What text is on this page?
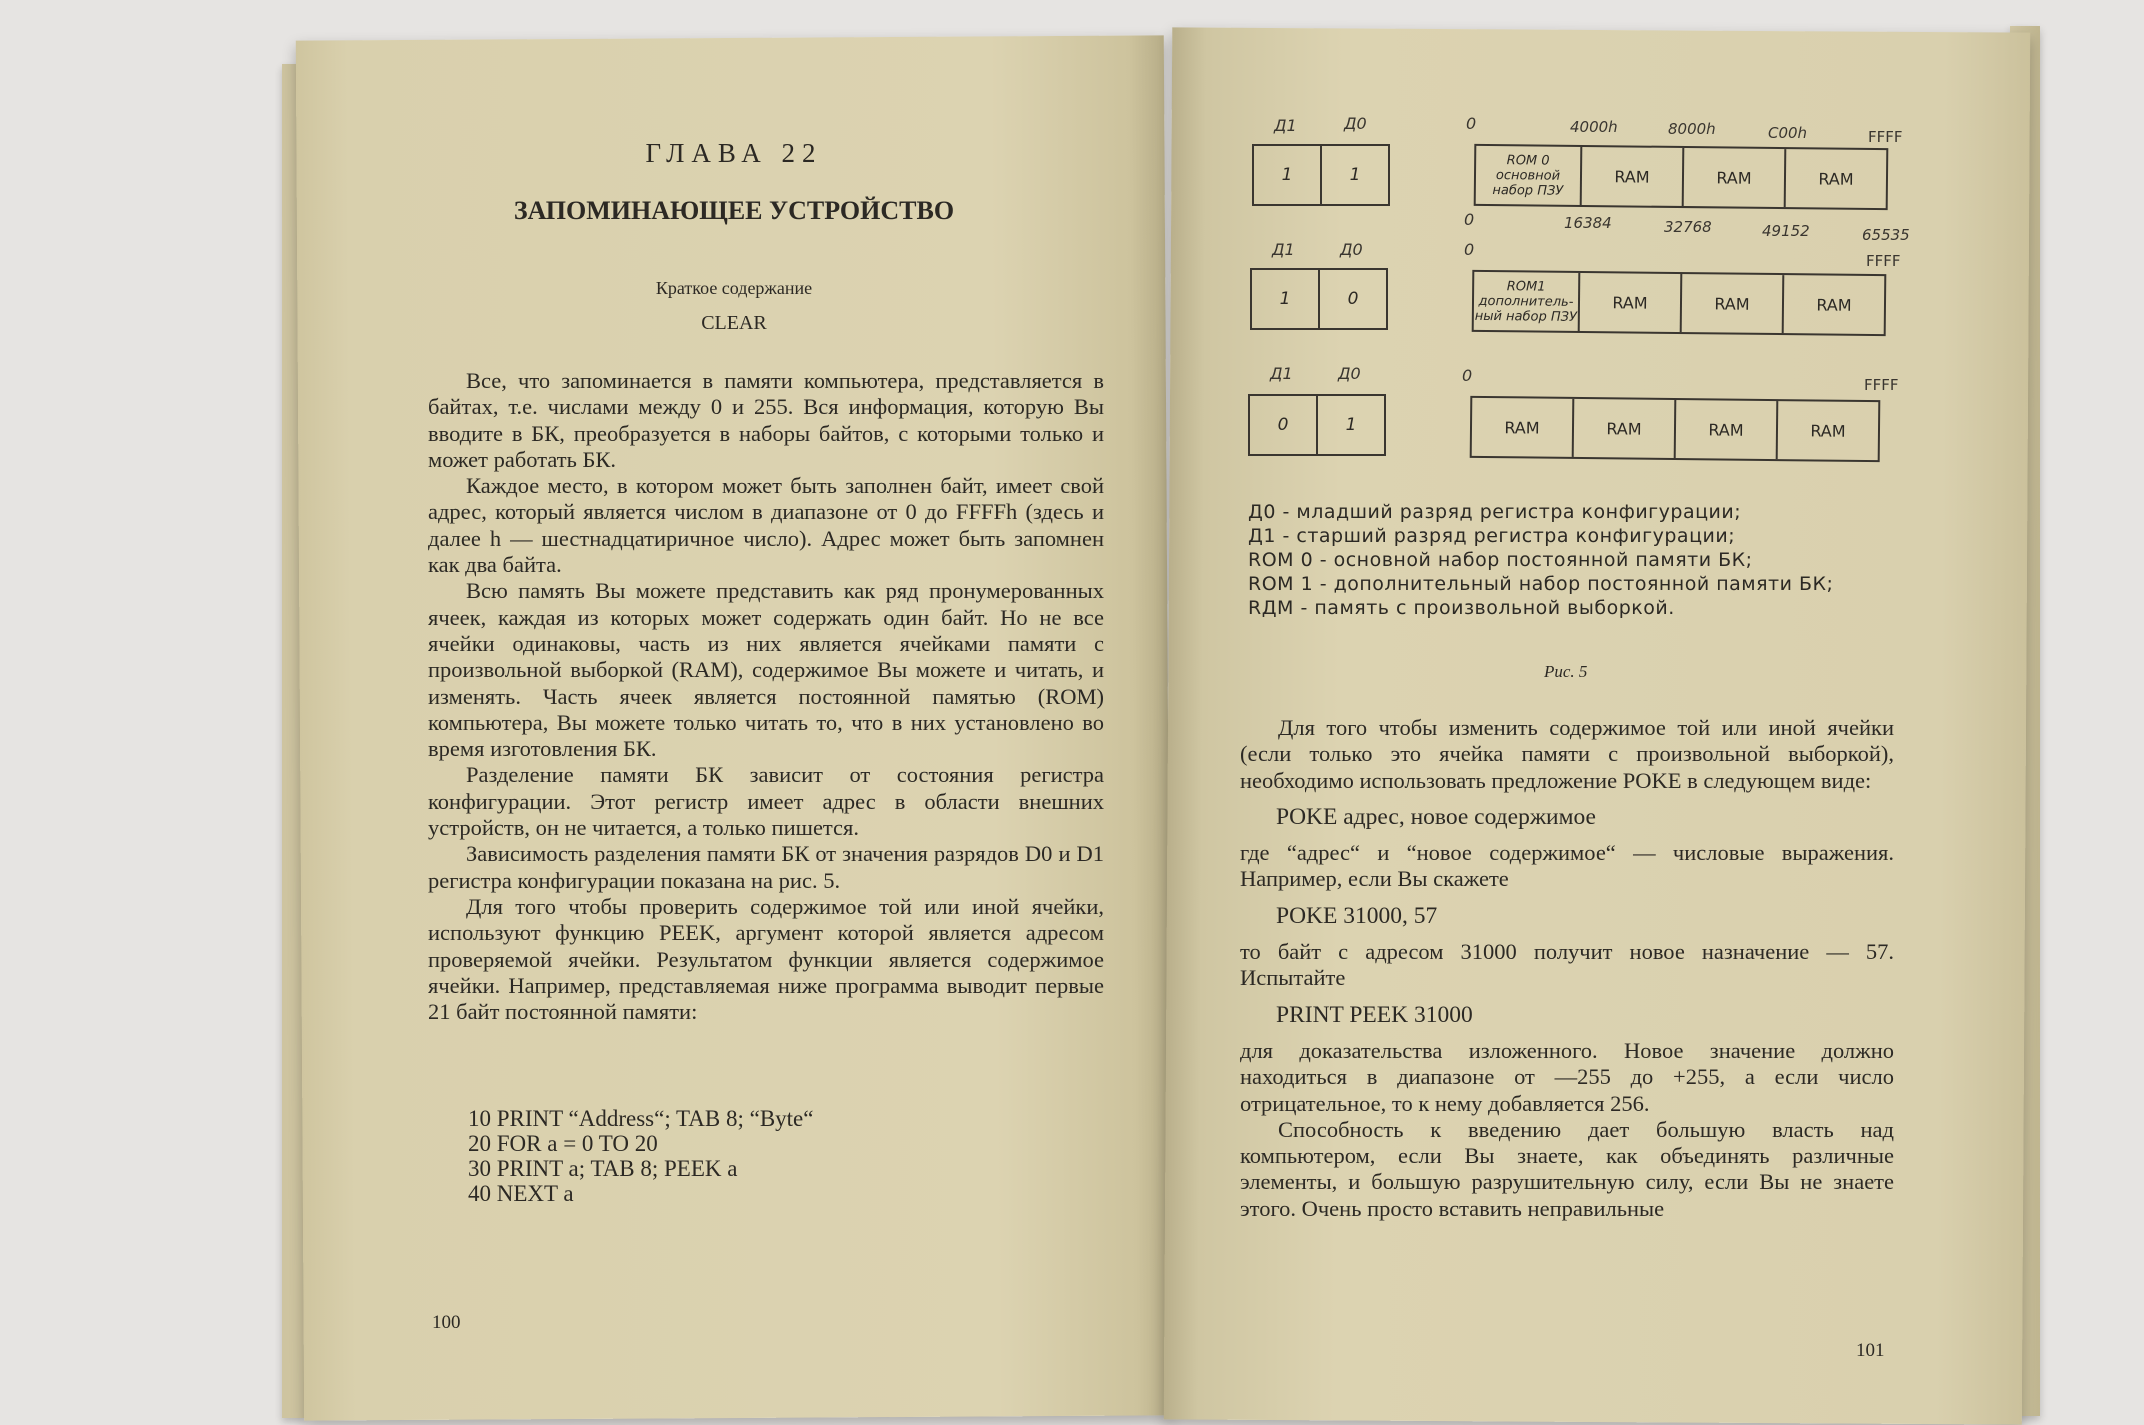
ГЛАВА 22
ЗАПОМИНАЮЩЕЕ УСТРОЙСТВО
Краткое содержание
CLEAR

Все, что запоминается в памяти компьютера, представляется в байтах, т.е. числами между 0 и 255. Вся информация, которую Вы вводите в БК, преобразуется в наборы байтов, с которыми только и может работать БК.

Каждое место, в котором может быть заполнен байт, имеет свой адрес, который является числом в диапазоне от 0 до FFFFh (здесь и далее h — шестнадцатиричное число). Адрес может быть запомнен как два байта.

Всю память Вы можете представить как ряд пронумерованных ячеек, каждая из которых может содержать один байт. Но не все ячейки одинаковы, часть из них является ячейками памяти с произвольной выборкой (RAM), содержимое Вы можете и читать, и изменять. Часть ячеек является постоянной памятью (ROM) компьютера, Вы можете только читать то, что в них установлено во время изготовления БК.

Разделение памяти БК зависит от состояния регистра конфигурации. Этот регистр имеет адрес в области внешних устройств, он не читается, а только пишется.

Зависимость разделения памяти БК от значения разрядов D0 и D1 регистра конфигурации показана на рис. 5.

Для того чтобы проверить содержимое той или иной ячейки, используют функцию PEEK, аргумент которой является адресом проверяемой ячейки. Результатом функции является содержимое ячейки. Например, представляемая ниже программа выводит первые 21 байт постоянной памяти:

10 PRINT “Address“; TAB 8; “Byte“
20 FOR a = 0 TO 20
30 PRINT a; TAB 8; PEEK a
40 NEXT a
100
Д1	Д0
1	1
0	4000h	8000h	C00h	FFFF
ROM 0 основной набор ПЗУ
RAM	RAM	RAM
0	16384	32768	49152	65535
Д1	Д0
1	0
0
FFFF
ROM1 дополнитель-ный набор ПЗУ
RAM	RAM	RAM
Д1	Д0
0	1
0	FFFF
RAM	RAM	RAM	RAM
Д0 - младший разряд регистра конфигурации;
Д1 - старший разряд регистра конфигурации;
ROM 0 - основной набор постоянной памяти БК;
ROM 1 - дополнительный набор постоянной памяти БК;
RДМ - память с произвольной выборкой.
Рис. 5

Для того чтобы изменить содержимое той или иной ячейки (если только это ячейка памяти с произвольной выборкой), необходимо использовать предложение POKE в следующем виде:

POKE адрес, новое содержимое

где “адрес“ и “новое содержимое“ — числовые выражения. Например, если Вы скажете

POKE 31000, 57

то байт с адресом 31000 получит новое назначение — 57. Испытайте

PRINT PEEK 31000

для доказательства изложенного. Новое значение должно находиться в диапазоне от —255 до +255, а если число отрицательное, то к нему добавляется 256.

Способность к введению дает большую власть над компьютером, если Вы знаете, как объединять различные элементы, и большую разрушительную силу, если Вы не знаете этого. Очень просто вставить неправильные

101
